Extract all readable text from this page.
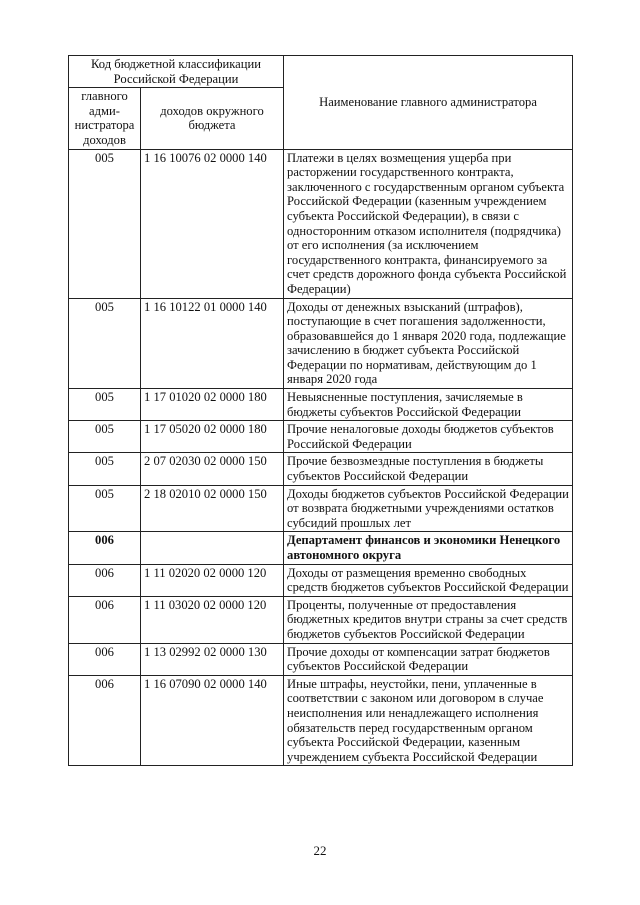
Код бюджетной классификации Российской Федерации		Наименование главного администратора
главного адми-нистратора доходов	доходов окружного бюджета	
005	1 16 10076 02 0000 140	Платежи в целях возмещения ущерба при расторжении государственного контракта, заключенного с государственным органом субъекта Российской Федерации (казенным учреждением субъекта Российской Федерации), в связи с односторонним отказом исполнителя (подрядчика) от его исполнения (за исключением государственного контракта, финансируемого за счет средств дорожного фонда субъекта Российской Федерации)
005	1 16 10122 01 0000 140	Доходы от денежных взысканий (штрафов), поступающие в счет погашения задолженности, образовавшейся до 1 января 2020 года, подлежащие зачислению в бюджет субъекта Российской Федерации по нормативам, действующим до 1 января 2020 года
005	1 17 01020 02 0000 180	Невыясненные поступления, зачисляемые в бюджеты субъектов Российской Федерации
005	1 17 05020 02 0000 180	Прочие неналоговые доходы бюджетов субъектов Российской Федерации
005	2 07 02030 02 0000 150	Прочие безвозмездные поступления в бюджеты субъектов Российской Федерации
005	2 18 02010 02 0000 150	Доходы бюджетов субъектов Российской Федерации от возврата бюджетными учреждениями остатков субсидий прошлых лет
006		Департамент финансов и экономики Ненецкого автономного округа
006	1 11 02020 02 0000 120	Доходы от размещения временно свободных средств бюджетов субъектов Российской Федерации
006	1 11 03020 02 0000 120	Проценты, полученные от предоставления бюджетных кредитов внутри страны за счет средств бюджетов субъектов Российской Федерации
006	1 13 02992 02 0000 130	Прочие доходы от компенсации затрат бюджетов субъектов Российской Федерации
006	1 16 07090 02 0000 140	Иные штрафы, неустойки, пени, уплаченные в соответствии с законом или договором в случае неисполнения или ненадлежащего исполнения обязательств перед государственным органом субъекта Российской Федерации, казенным учреждением субъекта Российской Федерации
22
